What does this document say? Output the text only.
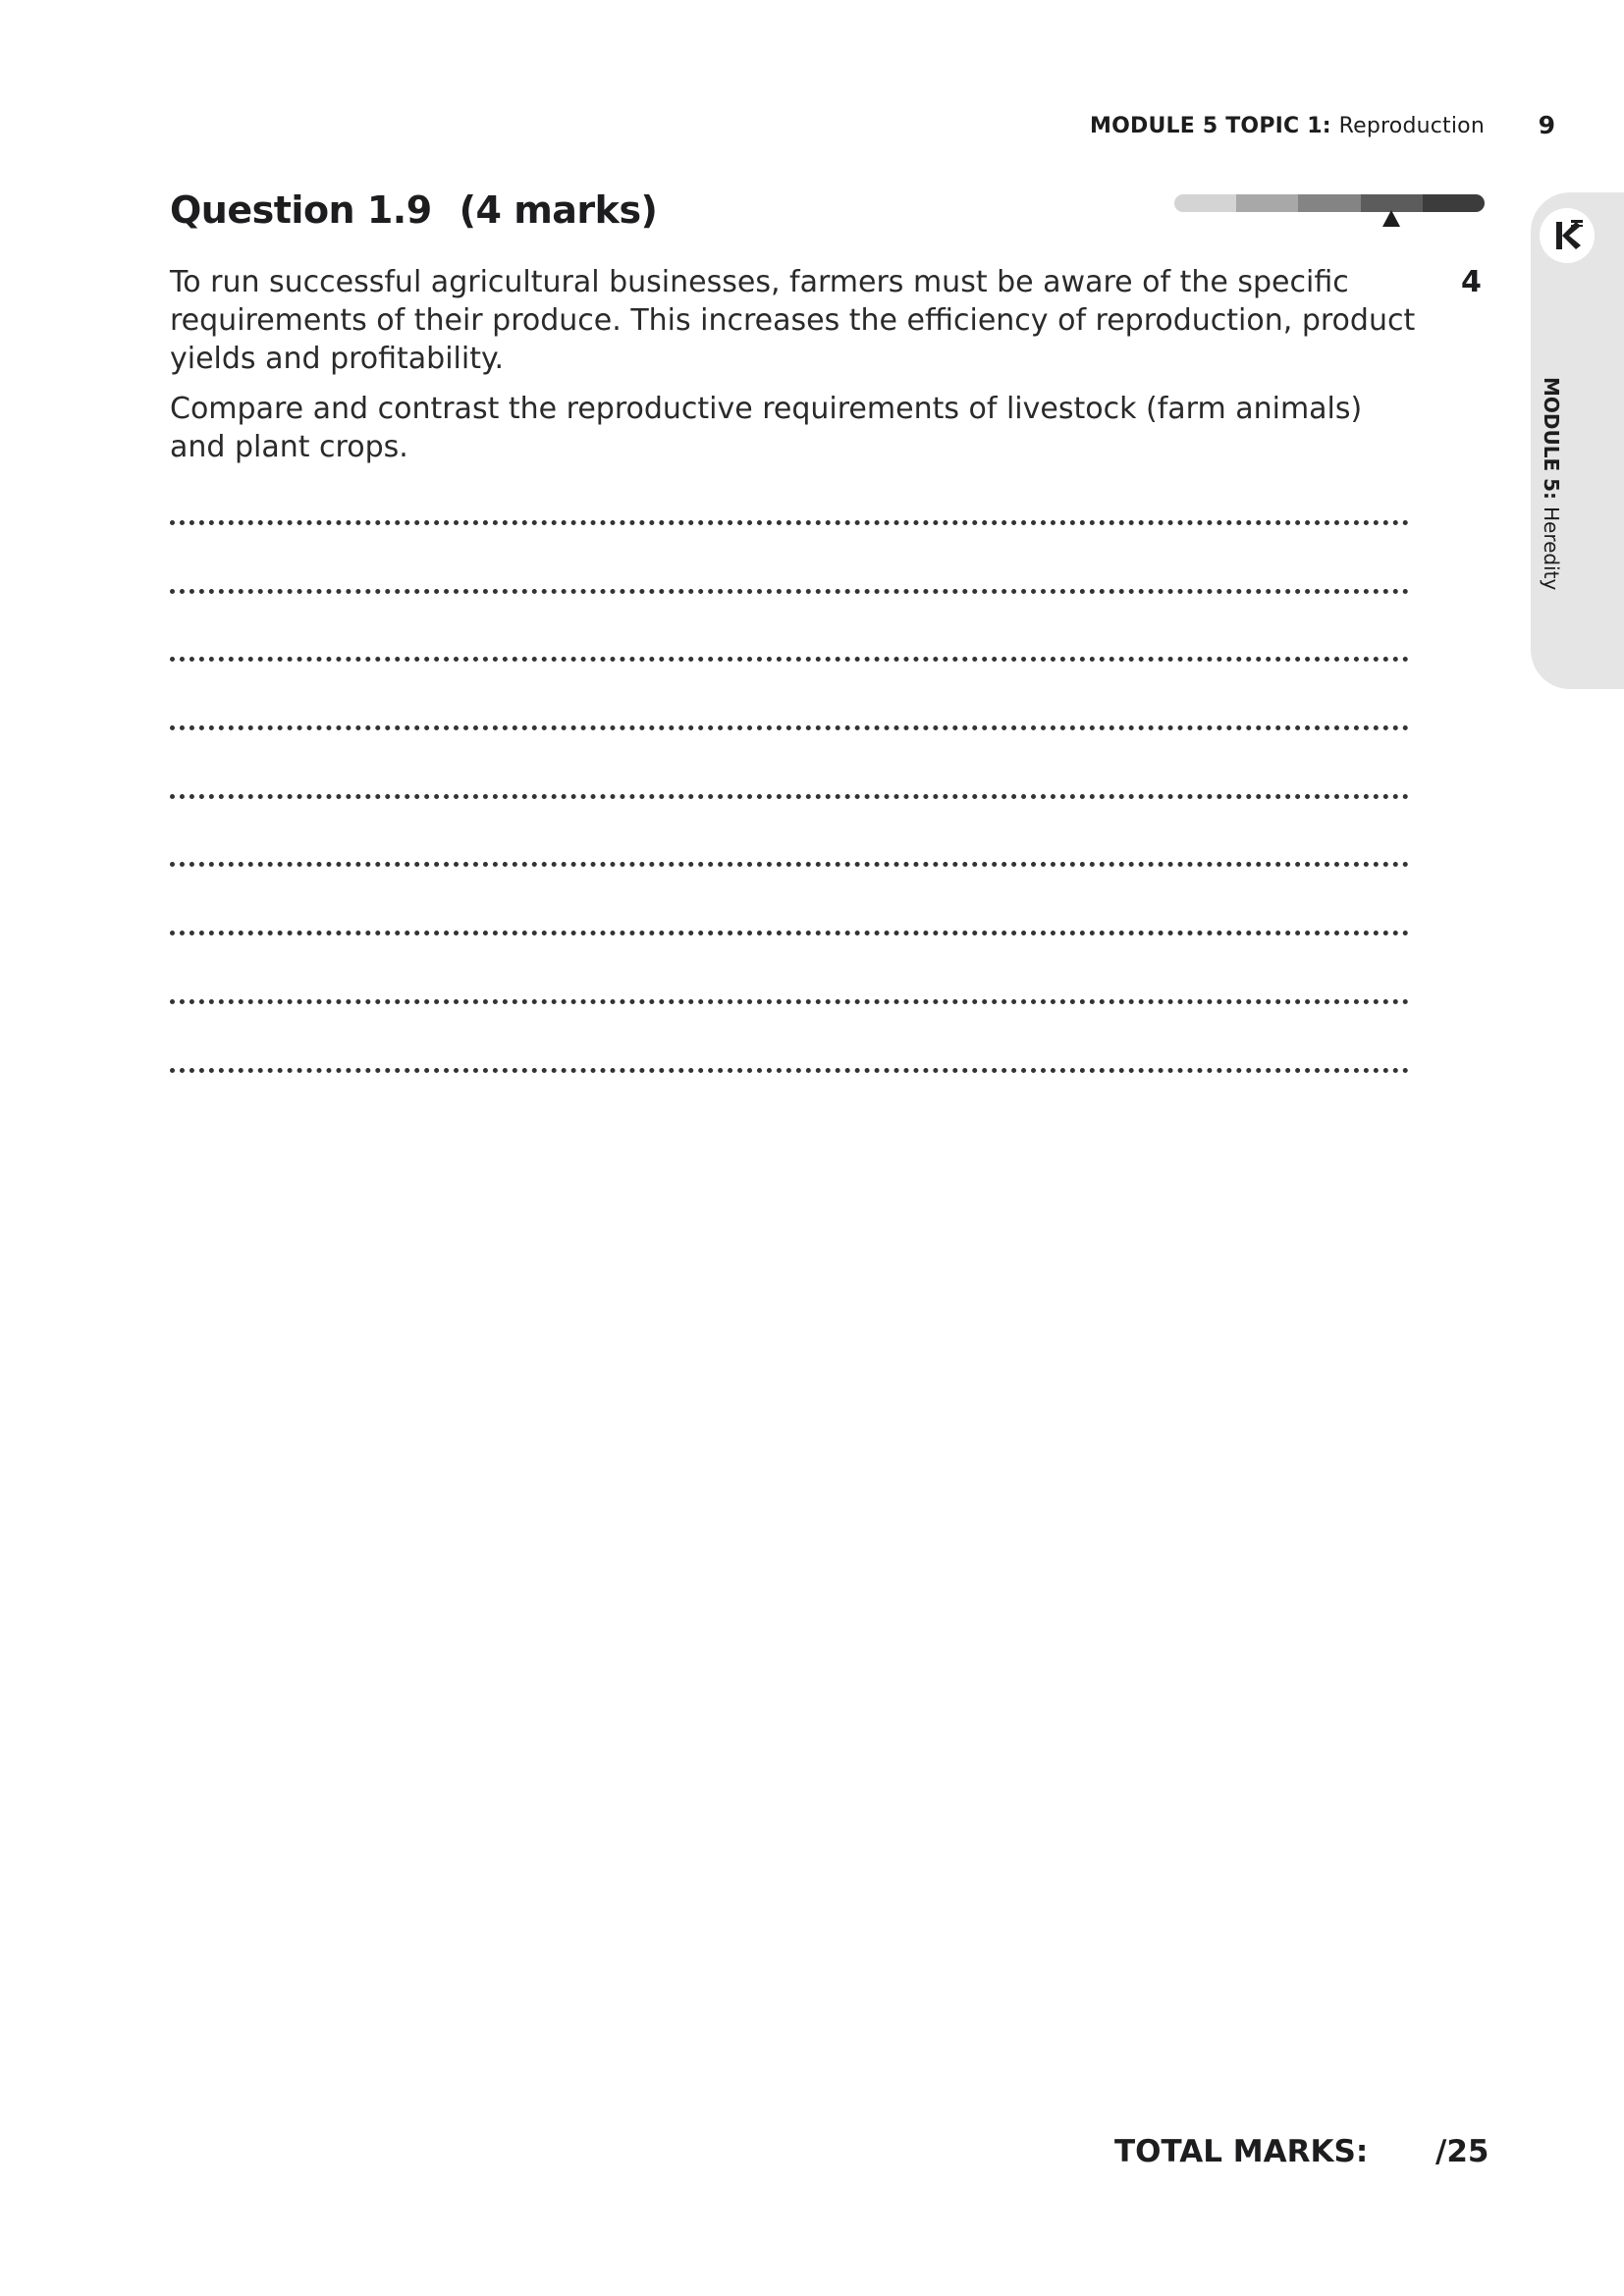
MODULE 5 TOPIC 1: Reproduction 9
Question 1.9 (4 marks)

To run successful agricultural businesses, farmers must be aware of the specific requirements of their produce. This increases the efficiency of reproduction, product yields and profitability.

Compare and contrast the reproductive requirements of livestock (farm animals) and plant crops.

4
MODULE 5: Heredity
TOTAL MARKS: /25
